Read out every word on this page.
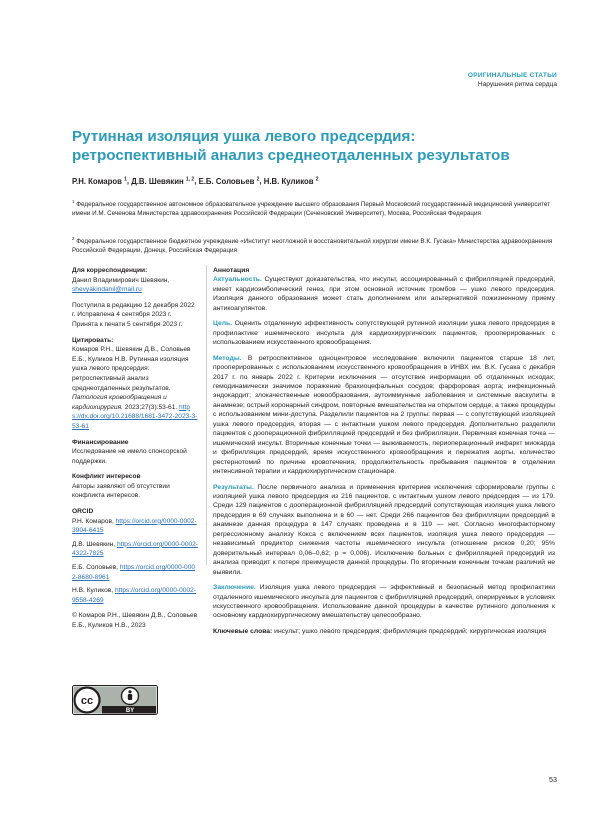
ОРИГИНАЛЬНЫЕ СТАТЬИ
Нарушения ритма сердца
Рутинная изоляция ушка левого предсердия:
ретроспективный анализ среднеотдаленных результатов
Р.Н. Комаров $^1$, Д.В. Шевякин $^{1, 2}$, Е.Б. Соловьев $^2$, Н.В. Куликов $^2$
$^1$ Федеральное государственное автономное образовательное учреждение высшего образования Первый Московский государственный медицинский университет имени И.М. Сеченова Министерства здравоохранения Российской Федерации (Сеченовский Университет), Москва, Российская Федерация
$^2$ Федеральное государственное бюджетное учреждение «Институт неотложной и восстановительной хирургии имени В.К. Гусака» Министерства здравоохранения Российской Федерации, Донецк, Российская Федерация
Для корреспонденции:
Данил Владимирович Шевякин,
shevyakindanil@mail.ru
Поступила в редакцию 12 декабря 2022 г. Исправлена 4 сентября 2023 г. Принята к печати 5 сентября 2023 г.
Цитировать:
Комаров Р.Н., Шевякин Д.В., Соловьев Е.Б., Куликов Н.В. Рутинная изоляция ушка левого предсердия: ретроспективный анализ среднеотдаленных результатов. Патология кровообращения и кардиохирургия. 2023;27(3):53-61. https://dx.doi.org/10.21688/1681-3472-2023-3-53-61
Финансирование
Исследование не имело спонсорской поддержки.
Конфликт интересов
Авторы заявляют об отсутствии конфликта интересов.
ORCID
Р.Н. Комаров, https://orcid.org/0000-0002-3904-6415
Д.В. Шевякин, https://orcid.org/0000-0002-4322-7825
Е.Б. Соловьев, https://orcid.org/0000-0002-8680-8961
Н.В. Куликов, https://orcid.org/0000-0002-9558-4269
© Комаров Р.Н., Шевякин Д.В., Соловьев Е.Б., Куликов Н.В., 2023
cc
BY
Аннотация

Актуальность. Существуют доказательства, что инсульт, ассоциированный с фибрилляцией предсердий, имеет кардиоэмболический генез, при этом основной источник тромбов — ушко левого предсердия. Изоляция данного образования может стать дополнением или альтернативой пожизненному приему антикоагулянтов.

Цель. Оценить отдаленную эффективность сопутствующей рутинной изоляции ушка левого предсердия в профилактике ишемического инсульта для кардиохирургических пациентов, прооперированных с использованием искусственного кровообращения.

Методы. В ретроспективное одноцентровое исследование включили пациентов старше 18 лет, прооперированных с использованием искусственного кровообращения в ИНВХ им. В.К. Гусака с декабря 2017 г. по январь 2022 г. Критерии исключения — отсутствие информации об отдаленных исходах; гемодинамически значимое поражение брахиоцефальных сосудов; фарфоровая аорта; инфекционный эндокардит; злокачественные новообразования, аутоиммунные заболевания и системные васкулиты в анамнезе; острый коронарный синдром, повторные вмешательства на открытом сердце, а также процедуры с использованием мини-доступа. Разделили пациентов на 2 группы: первая — с сопутствующей изоляцией ушка левого предсердия, вторая — с интактным ушком левого предсердия. Дополнительно разделили пациентов с дооперационной фибрилляцией предсердий и без фибрилляции. Первичная конечная точка — ишемический инсульт. Вторичные конечные точки — выживаемость, периоперационный инфаркт миокарда и фибрилляция предсердий, время искусственного кровообращения и пережатия аорты, количество рестернотомий по причине кровотечения, продолжительность пребывания пациентов в отделении интенсивной терапии и кардиохирургическом стационаре.

Результаты. После первичного анализа и применения критериев исключения сформировали группы с изоляцией ушка левого предсердия из 216 пациентов, с интактным ушком левого предсердия — из 179. Среди 129 пациентов с дооперационной фибрилляцией предсердий сопутствующая изоляция ушка левого предсердия в 69 случаях выполнена и в 60 — нет. Среди 266 пациентов без фибрилляции предсердий в анамнезе данная процедура в 147 случаях проведена и в 119 — нет. Согласно многофакторному регрессионному анализу Кокса с включением всех пациентов, изоляция ушка левого предсердия — независимый предиктор снижения частоты ишемического инсульта (отношение рисков 0,20; 95% доверительный интервал 0,06–0,62; p = 0,006). Исключение больных с фибрилляцией предсердий из анализа приводит к потере преимуществ данной процедуры. По вторичным конечным точкам различий не выявили.

Заключение. Изоляция ушка левого предсердия — эффективный и безопасный метод профилактики отдаленного ишемического инсульта для пациентов с фибрилляцией предсердий, оперируемых в условиях искусственного кровообращения. Использование данной процедуры в качестве рутинного дополнения к основному кардиохирургическому вмешательству целесообразно.

Ключевые слова: инсульт; ушко левого предсердия; фибрилляция предсердий; хирургическая изоляция

53
